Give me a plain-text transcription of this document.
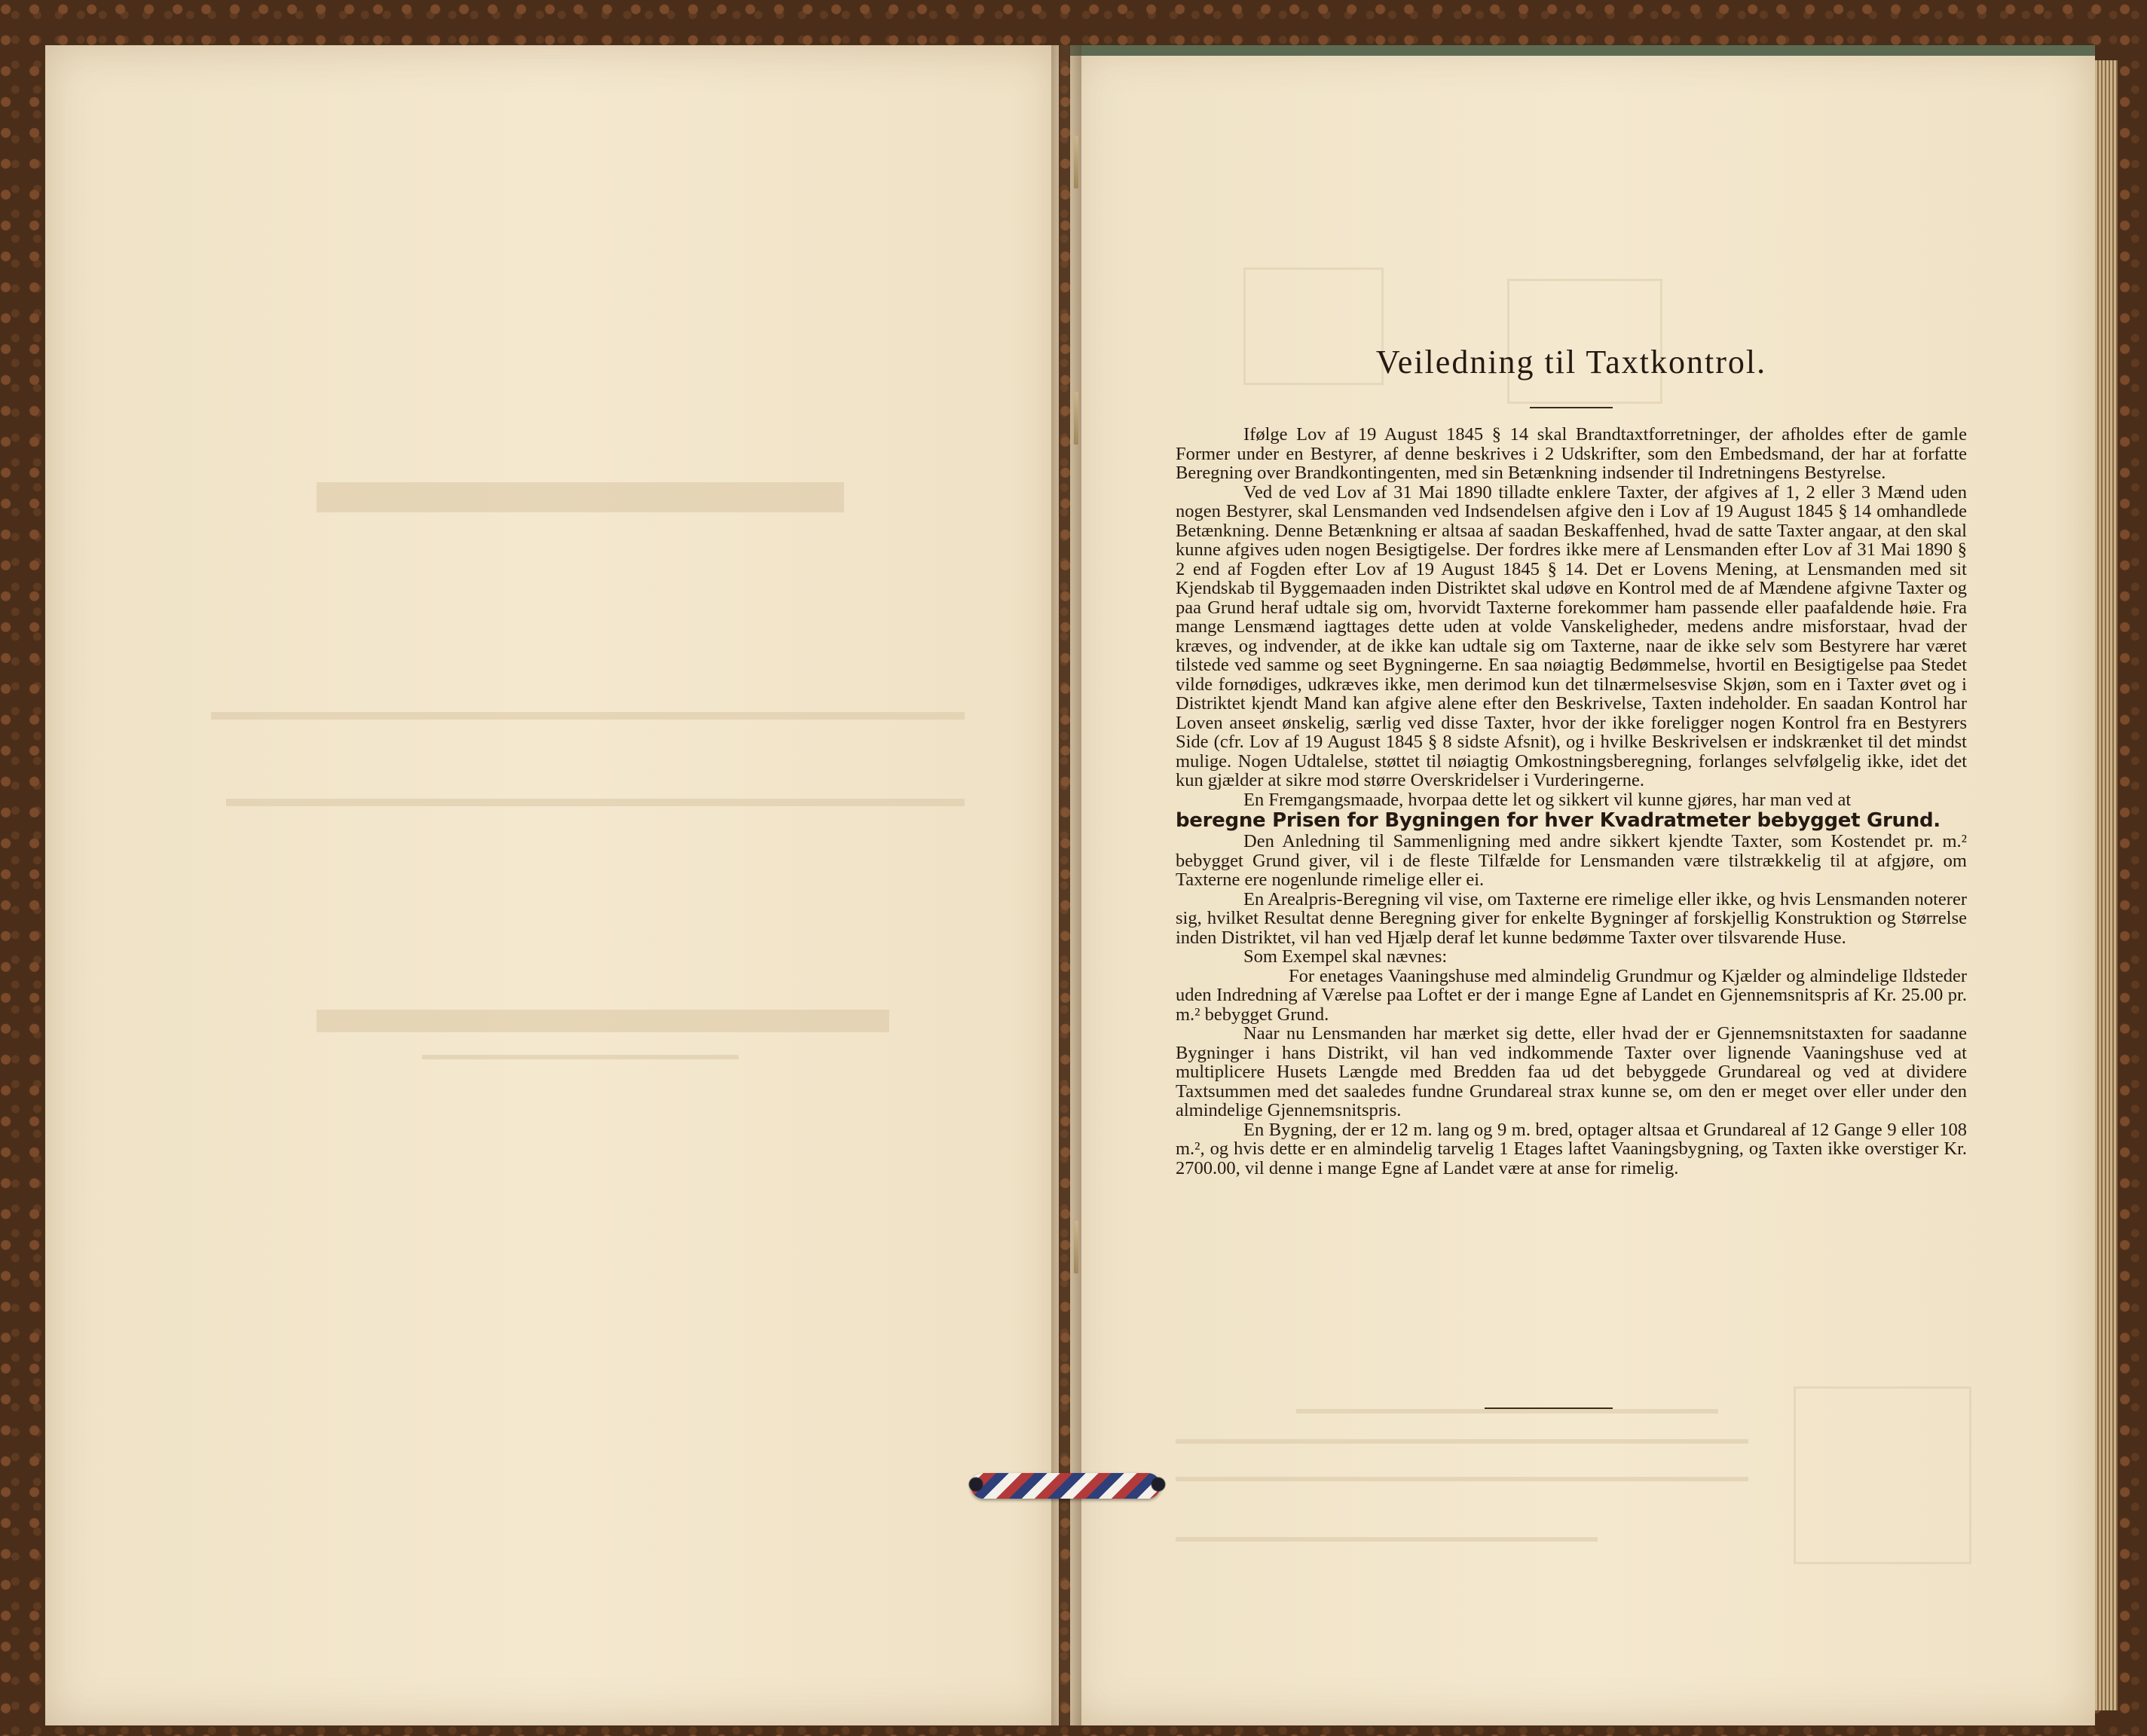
Veiledning til Taxtkontrol.

Ifølge Lov af 19 August 1845 § 14 skal Brandtaxtforretninger, der afholdes efter de gamle Former under en Bestyrer, af denne beskrives i 2 Udskrifter, som den Embedsmand, der har at forfatte Beregning over Brandkontingenten, med sin Betænkning indsender til Indretningens Bestyrelse.

Ved de ved Lov af 31 Mai 1890 tilladte enklere Taxter, der afgives af 1, 2 eller 3 Mænd uden nogen Bestyrer, skal Lensmanden ved Indsendelsen afgive den i Lov af 19 August 1845 § 14 omhandlede Betænkning. Denne Betænkning er altsaa af saadan Beskaffenhed, hvad de satte Taxter angaar, at den skal kunne afgives uden nogen Besigtigelse. Der fordres ikke mere af Lensmanden efter Lov af 31 Mai 1890 § 2 end af Fogden efter Lov af 19 August 1845 § 14. Det er Lovens Mening, at Lensmanden med sit Kjendskab til Byggemaaden inden Distriktet skal udøve en Kontrol med de af Mændene afgivne Taxter og paa Grund heraf udtale sig om, hvorvidt Taxterne forekommer ham passende eller paafaldende høie. Fra mange Lensmænd iagttages dette uden at volde Vanskeligheder, medens andre misforstaar, hvad der kræves, og indvender, at de ikke kan udtale sig om Taxterne, naar de ikke selv som Bestyrere har været tilstede ved samme og seet Bygningerne. En saa nøiagtig Bedømmelse, hvortil en Besigtigelse paa Stedet vilde fornødiges, udkræves ikke, men derimod kun det tilnærmelsesvise Skjøn, som en i Taxter øvet og i Distriktet kjendt Mand kan afgive alene efter den Beskrivelse, Taxten indeholder. En saadan Kontrol har Loven anseet ønskelig, særlig ved disse Taxter, hvor der ikke foreligger nogen Kontrol fra en Bestyrers Side (cfr. Lov af 19 August 1845 § 8 sidste Afsnit), og i hvilke Beskrivelsen er indskrænket til det mindst mulige. Nogen Udtalelse, støttet til nøiagtig Omkostningsberegning, forlanges selvfølgelig ikke, idet det kun gjælder at sikre mod større Overskridelser i Vurderingerne.

En Fremgangsmaade, hvorpaa dette let og sikkert vil kunne gjøres, har man ved at
beregne Prisen for Bygningen for hver Kvadratmeter bebygget Grund.

Den Anledning til Sammenligning med andre sikkert kjendte Taxter, som Kostendet pr. m.² bebygget Grund giver, vil i de fleste Tilfælde for Lensmanden være tilstrækkelig til at afgjøre, om Taxterne ere nogenlunde rimelige eller ei.

En Arealpris-Beregning vil vise, om Taxterne ere rimelige eller ikke, og hvis Lensmanden noterer sig, hvilket Resultat denne Beregning giver for enkelte Bygninger af forskjellig Konstruktion og Størrelse inden Distriktet, vil han ved Hjælp deraf let kunne bedømme Taxter over tilsvarende Huse.

Som Exempel skal nævnes:

For enetages Vaaningshuse med almindelig Grundmur og Kjælder og almindelige Ildsteder uden Indredning af Værelse paa Loftet er der i mange Egne af Landet en Gjennemsnitspris af Kr. 25.00 pr. m.² bebygget Grund.

Naar nu Lensmanden har mærket sig dette, eller hvad der er Gjennemsnitstaxten for saadanne Bygninger i hans Distrikt, vil han ved indkommende Taxter over lignende Vaaningshuse ved at multiplicere Husets Længde med Bredden faa ud det bebyggede Grundareal og ved at dividere Taxtsummen med det saaledes fundne Grundareal strax kunne se, om den er meget over eller under den almindelige Gjennemsnitspris.

En Bygning, der er 12 m. lang og 9 m. bred, optager altsaa et Grundareal af 12 Gange 9 eller 108 m.², og hvis dette er en almindelig tarvelig 1 Etages laftet Vaaningsbygning, og Taxten ikke overstiger Kr. 2700.00, vil denne i mange Egne af Landet være at anse for rimelig.
